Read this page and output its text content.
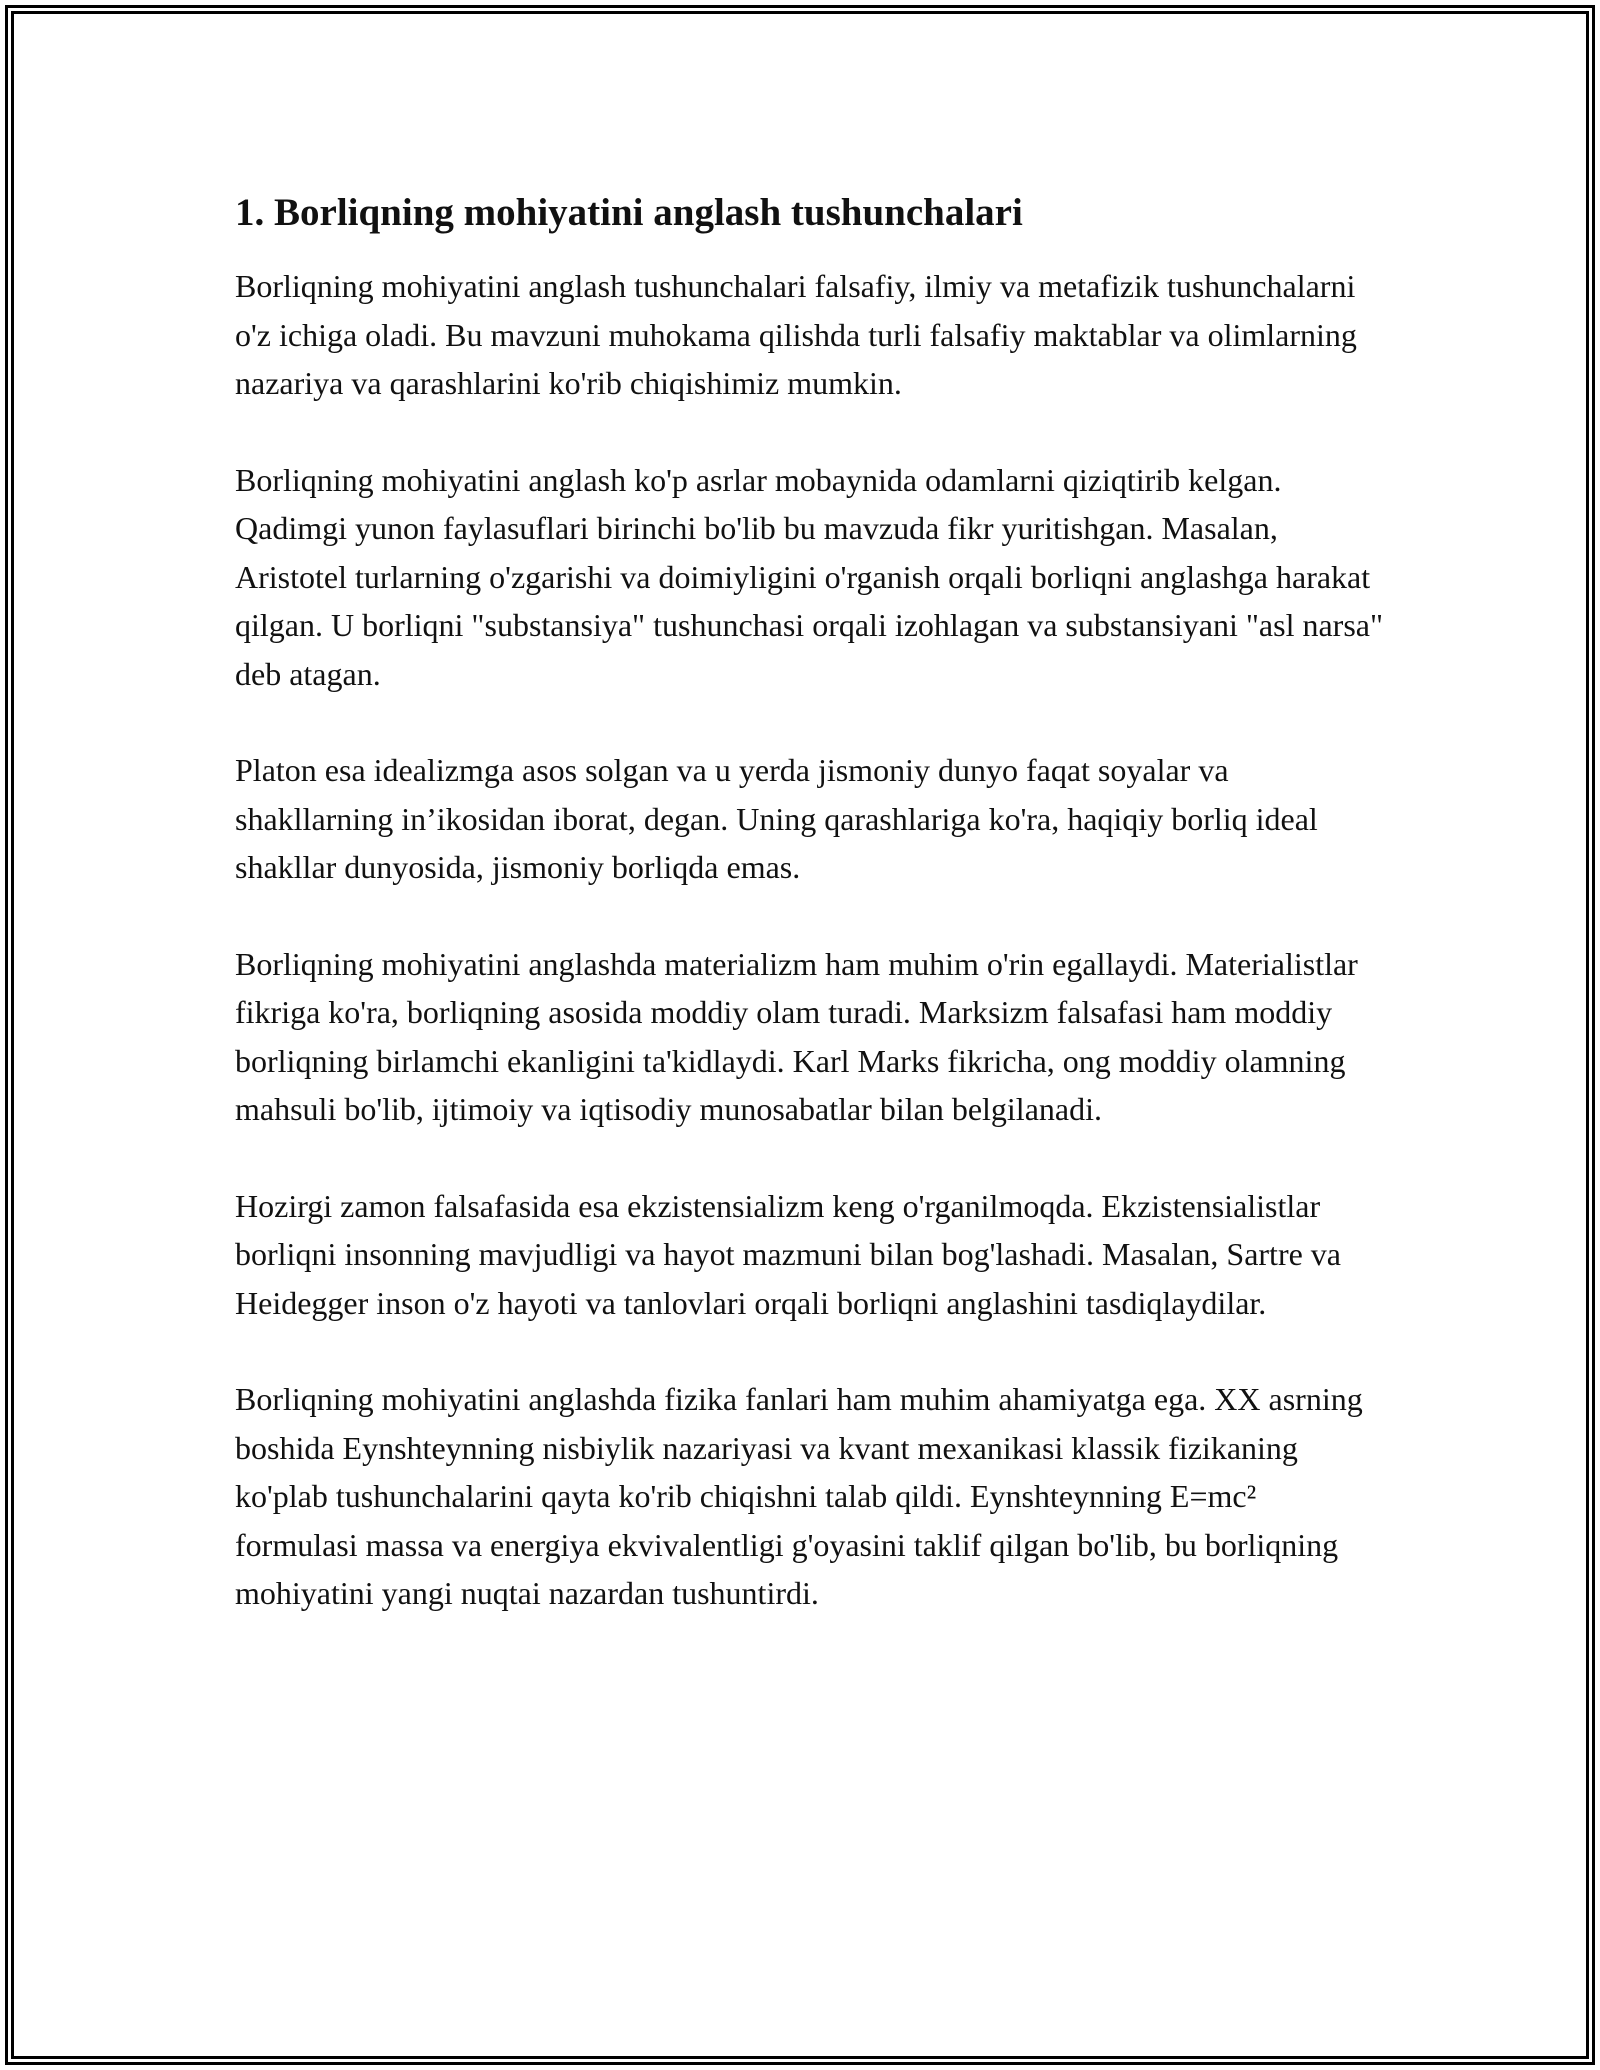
1. Borliqning mohiyatini anglash tushunchalari

Borliqning mohiyatini anglash tushunchalari falsafiy, ilmiy va metafizik tushunchalarni o'z ichiga oladi. Bu mavzuni muhokama qilishda turli falsafiy maktablar va olimlarning nazariya va qarashlarini ko'rib chiqishimiz mumkin.

Borliqning mohiyatini anglash ko'p asrlar mobaynida odamlarni qiziqtirib kelgan. Qadimgi yunon faylasuflari birinchi bo'lib bu mavzuda fikr yuritishgan. Masalan, Aristotel turlarning o'zgarishi va doimiyligini o'rganish orqali borliqni anglashga harakat qilgan. U borliqni "substansiya" tushunchasi orqali izohlagan va substansiyani "asl narsa" deb atagan.

Platon esa idealizmga asos solgan va u yerda jismoniy dunyo faqat soyalar va shakllarning in’ikosidan iborat, degan. Uning qarashlariga ko'ra, haqiqiy borliq ideal shakllar dunyosida, jismoniy borliqda emas.

Borliqning mohiyatini anglashda materializm ham muhim o'rin egallaydi. Materialistlar fikriga ko'ra, borliqning asosida moddiy olam turadi. Marksizm falsafasi ham moddiy borliqning birlamchi ekanligini ta'kidlaydi. Karl Marks fikricha, ong moddiy olamning mahsuli bo'lib, ijtimoiy va iqtisodiy munosabatlar bilan belgilanadi.

Hozirgi zamon falsafasida esa ekzistensializm keng o'rganilmoqda. Ekzistensialistlar borliqni insonning mavjudligi va hayot mazmuni bilan bog'lashadi. Masalan, Sartre va Heidegger inson o'z hayoti va tanlovlari orqali borliqni anglashini tasdiqlaydilar.

Borliqning mohiyatini anglashda fizika fanlari ham muhim ahamiyatga ega. XX asrning boshida Eynshteynning nisbiylik nazariyasi va kvant mexanikasi klassik fizikaning ko'plab tushunchalarini qayta ko'rib chiqishni talab qildi. Eynshteynning E=mc² formulasi massa va energiya ekvivalentligi g'oyasini taklif qilgan bo'lib, bu borliqning mohiyatini yangi nuqtai nazardan tushuntirdi.
